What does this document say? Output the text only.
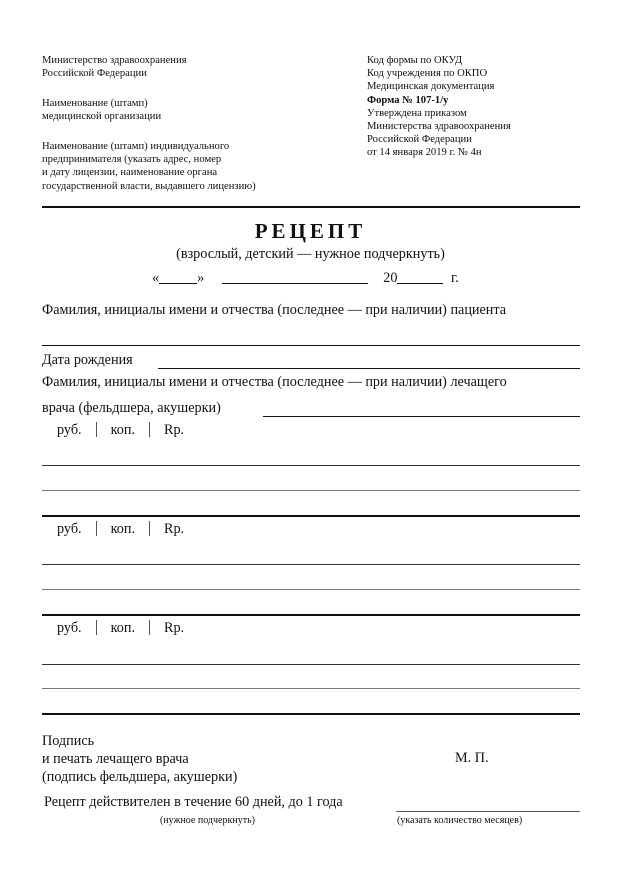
Министерство здравоохранения
Российской Федерации
Наименование (штамп)
медицинской организации
Наименование (штамп) индивидуального
предпринимателя (указать адрес, номер
и дату лицензии, наименование органа
государственной власти, выдавшего лицензию)
Код формы по ОКУД
Код учреждения по ОКПО
Медицинская документация
Форма № 107-1/у
Утверждена приказом
Министерства здравоохранения
Российской Федерации
от 14 января 2019 г. № 4н
РЕЦЕПТ
(взрослый, детский — нужное подчеркнуть)
«	»	20	г.
Фамилия, инициалы имени и отчества (последнее — при наличии) пациента
Дата рождения
Фамилия, инициалы имени и отчества (последнее — при наличии) лечащего
врача (фельдшера, акушерки)
руб. коп. Rp.
руб. коп. Rp.
руб. коп. Rp.
Подпись
и печать лечащего врача
(подпись фельдшера, акушерки)
М. П.
Рецепт действителен в течение 60 дней, до 1 года
(нужное подчеркнуть)	(указать количество месяцев)
